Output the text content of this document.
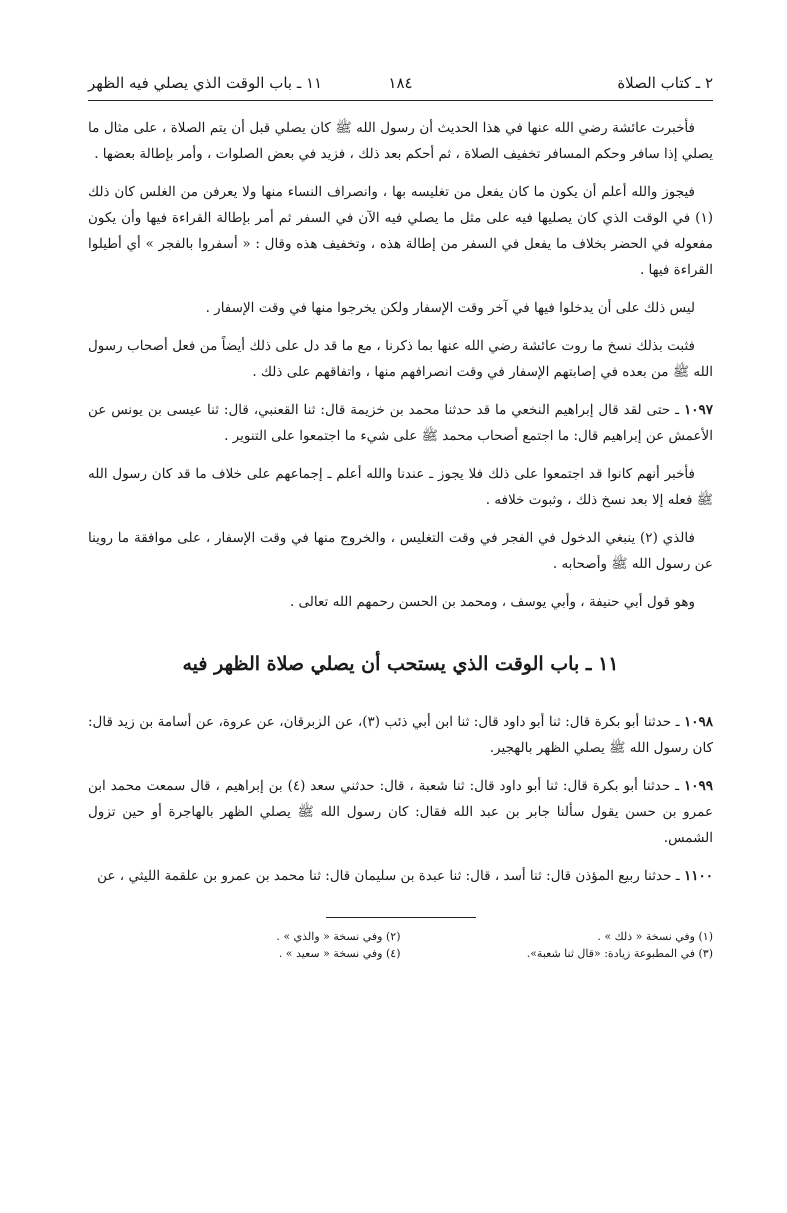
٢ ـ كتاب الصلاة
١٨٤
١١ ـ باب الوقت الذي يصلي فيه الظهر

فأخبرت عائشة رضي الله عنها في هذا الحديث أن رسول الله ﷺ كان يصلي قبل أن يتم الصلاة ، على مثال ما يصلي إذا سافر وحكم المسافر تخفيف الصلاة ، ثم أحكم بعد ذلك ، فزيد في بعض الصلوات ، وأمر بإطالة بعضها .

فيجوز والله أعلم أن يكون ما كان يفعل من تغليسه بها ، وانصراف النساء منها ولا يعرفن من الغلس كان ذلك (١) في الوقت الذي كان يصليها فيه على مثل ما يصلي فيه الآن في السفر ثم أمر بإطالة القراءة فيها وأن يكون مفعوله في الحضر بخلاف ما يفعل في السفر من إطالة هذه ، وتخفيف هذه وقال : « أسفروا بالفجر » أي أطيلوا القراءة فيها .

ليس ذلك على أن يدخلوا فيها في آخر وقت الإسفار ولكن يخرجوا منها في وقت الإسفار .

فثبت بذلك نسخ ما روت عائشة رضي الله عنها بما ذكرنا ، مع ما قد دل على ذلك أيضاً من فعل أصحاب رسول الله ﷺ من بعده في إصابتهم الإسفار في وقت انصرافهم منها ، واتفاقهم على ذلك .

١٠٩٧ ـ حتى لقد قال إبراهيم النخعي ما قد حدثنا محمد بن خزيمة قال: ثنا القعنبي، قال: ثنا عيسى بن يونس عن الأعمش عن إبراهيم قال: ما اجتمع أصحاب محمد ﷺ على شيء ما اجتمعوا على التنوير .

فأخبر أنهم كانوا قد اجتمعوا على ذلك فلا يجوز ـ عندنا والله أعلم ـ إجماعهم على خلاف ما قد كان رسول الله ﷺ فعله إلا بعد نسخ ذلك ، وثبوت خلافه .

فالذي (٢) ينبغي الدخول في الفجر في وقت التغليس ، والخروج منها في وقت الإسفار ، على موافقة ما روينا عن رسول الله ﷺ وأصحابه .

وهو قول أبي حنيفة ، وأبي يوسف ، ومحمد بن الحسن رحمهم الله تعالى .

١١ ـ باب الوقت الذي يستحب أن يصلي صلاة الظهر فيه

١٠٩٨ ـ حدثنا أبو بكرة قال: ثنا أبو داود قال: ثنا ابن أبي ذئب (٣)، عن الزبرقان، عن عروة، عن أسامة بن زيد قال: كان رسول الله ﷺ يصلي الظهر بالهجير.

١٠٩٩ ـ حدثنا أبو بكرة قال: ثنا أبو داود قال: ثنا شعبة ، قال: حدثني سعد (٤) بن إبراهيم ، قال سمعت محمد ابن عمرو بن حسن يقول سألنا جابر بن عبد الله فقال: كان رسول الله ﷺ يصلي الظهر بالهاجرة أو حين تزول الشمس.

١١٠٠ ـ حدثنا ربيع المؤذن قال: ثنا أسد ، قال: ثنا عبدة بن سليمان قال: ثنا محمد بن عمرو بن علقمة الليثي ، عن

(١) وفي نسخة « ذلك » .
(٢) وفي نسخة « والذي » .
(٣) في المطبوعة زيادة: «قال ثنا شعبة».
(٤) وفي نسخة « سعيد » .
